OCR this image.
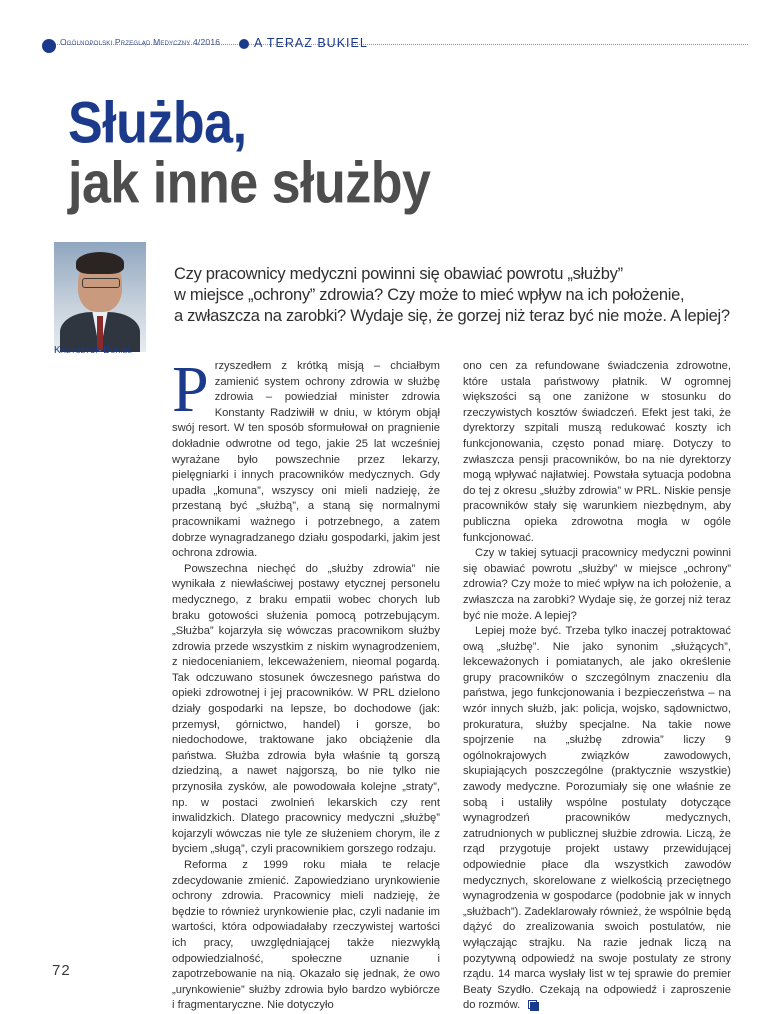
Ogólnopolski Przegląd Medyczny 4/2016	A TERAZ BUKIEL
Służba,
jak inne służby
Czy pracownicy medyczni powinni się obawiać powrotu „służby”
w miejsce „ochrony” zdrowia? Czy może to mieć wpływ na ich położenie,
a zwłaszcza na zarobki? Wydaje się, że gorzej niż teraz być nie może. A lepiej?
Krzysztof Bukiel

Przyszedłem z krótką misją – chciałbym zamienić system ochrony zdrowia w służbę zdrowia – powiedział minister zdrowia Konstanty Radziwiłł w dniu, w którym objął swój resort. W ten sposób sformułował on pragnienie dokładnie odwrotne od tego, jakie 25 lat wcześniej wyrażane było powszechnie przez lekarzy, pielęgniarki i innych pracowników medycznych. Gdy upadła „komuna”, wszyscy oni mieli nadzieję, że przestaną być „służbą”, a staną się normalnymi pracownikami ważnego i potrzebnego, a zatem dobrze wynagradzanego działu gospodarki, jakim jest ochrona zdrowia.

Powszechna niechęć do „służby zdrowia” nie wynikała z niewłaściwej postawy etycznej personelu medycznego, z braku empatii wobec chorych lub braku gotowości służenia pomocą potrzebującym. „Służba” kojarzyła się wówczas pracownikom służby zdrowia przede wszystkim z niskim wynagrodzeniem, z niedocenianiem, lekceważeniem, nieomal pogardą. Tak odczuwano stosunek ówczesnego państwa do opieki zdrowotnej i jej pracowników. W PRL dzielono działy gospodarki na lepsze, bo dochodowe (jak: przemysł, górnictwo, handel) i gorsze, bo niedochodowe, traktowane jako obciążenie dla państwa. Służba zdrowia była właśnie tą gorszą dziedziną, a nawet najgorszą, bo nie tylko nie przynosiła zysków, ale powodowała kolejne „straty”, np. w postaci zwolnień lekarskich czy rent inwalidzkich. Dlatego pracownicy medyczni „służbę” kojarzyli wówczas nie tyle ze służeniem chorym, ile z byciem „sługą”, czyli pracownikiem gorszego rodzaju.

Reforma z 1999 roku miała te relacje zdecydowanie zmienić. Zapowiedziano urynkowienie ochrony zdrowia. Pracownicy mieli nadzieję, że będzie to również urynkowienie płac, czyli nadanie im wartości, która odpowiadałaby rzeczywistej wartości ich pracy, uwzględniającej także niezwykłą odpowiedzialność, społeczne uznanie i zapotrzebowanie na nią. Okazało się jednak, że owo „urynkowienie” służby zdrowia było bardzo wybiórcze i fragmentaryczne. Nie dotyczyło

ono cen za refundowane świadczenia zdrowotne, które ustala państwowy płatnik. W ogromnej większości są one zaniżone w stosunku do rzeczywistych kosztów świadczeń. Efekt jest taki, że dyrektorzy szpitali muszą redukować koszty ich funkcjonowania, często ponad miarę. Dotyczy to zwłaszcza pensji pracowników, bo na nie dyrektorzy mogą wpływać najłatwiej. Powstała sytuacja podobna do tej z okresu „służby zdrowia” w PRL. Niskie pensje pracowników stały się warunkiem niezbędnym, aby publiczna opieka zdrowotna mogła w ogóle funkcjonować.

Czy w takiej sytuacji pracownicy medyczni powinni się obawiać powrotu „służby” w miejsce „ochrony” zdrowia? Czy może to mieć wpływ na ich położenie, a zwłaszcza na zarobki? Wydaje się, że gorzej niż teraz być nie może. A lepiej?

Lepiej może być. Trzeba tylko inaczej potraktować ową „służbę”. Nie jako synonim „służących”, lekceważonych i pomiatanych, ale jako określenie grupy pracowników o szczególnym znaczeniu dla państwa, jego funkcjonowania i bezpieczeństwa – na wzór innych służb, jak: policja, wojsko, sądownictwo, prokuratura, służby specjalne. Na takie nowe spojrzenie na „służbę zdrowia” liczy 9 ogólnokrajowych związków zawodowych, skupiających poszczególne (praktycznie wszystkie) zawody medyczne. Porozumiały się one właśnie ze sobą i ustaliły wspólne postulaty dotyczące wynagrodzeń pracowników medycznych, zatrudnionych w publicznej służbie zdrowia. Liczą, że rząd przygotuje projekt ustawy przewidującej odpowiednie płace dla wszystkich zawodów medycznych, skorelowane z wielkością przeciętnego wynagrodzenia w gospodarce (podobnie jak w innych „służbach”). Zadeklarowały również, że wspólnie będą dążyć do zrealizowania swoich postulatów, nie wyłączając strajku. Na razie jednak liczą na pozytywną odpowiedź na swoje postulaty ze strony rządu. 14 marca wysłały list w tej sprawie do premier Beaty Szydło. Czekają na odpowiedź i zaproszenie do rozmów.

72
